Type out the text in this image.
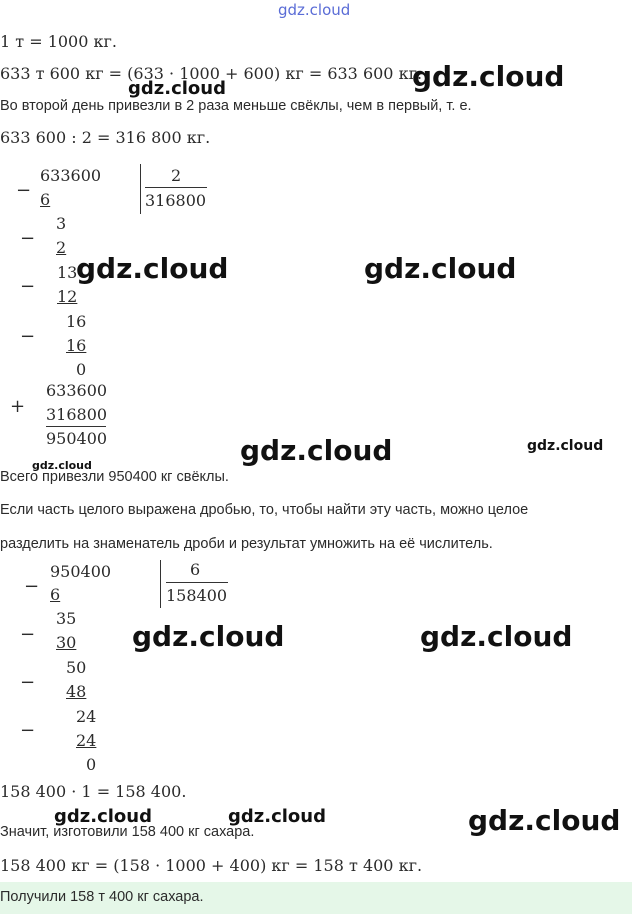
gdz.cloud
1 т = 1000 кг.
633 т 600 кг = (633 · 1000 + 600) кг = 633 600 кг.
Во второй день привезли в 2 раза меньше свёклы, чем в первый, т. е.
633 600 : 2 = 316 800 кг.
−
633600
6
2
316800
−
3
2
−
13
12
−
16
16
0
+
633600
316800
950400
Всего привезли 950400 кг свёклы.
Если часть целого выражена дробью, то, чтобы найти эту часть, можно целое
разделить на знаменатель дроби и результат умножить на её числитель.
−
950400
6
6
158400
−
35
30
−
50
48
−
24
24
0
158 400 · 1 = 158 400.
Значит, изготовили 158 400 кг сахара.
158 400 кг = (158 · 1000 + 400) кг = 158 т 400 кг.
Получили 158 т 400 кг сахара.
gdz.cloud
gdz.cloud
gdz.cloud	gdz.cloud
gdz.cloud	gdz.cloud
gdz.cloud
gdz.cloud	gdz.cloud
gdz.cloud	gdz.cloud	gdz.cloud
